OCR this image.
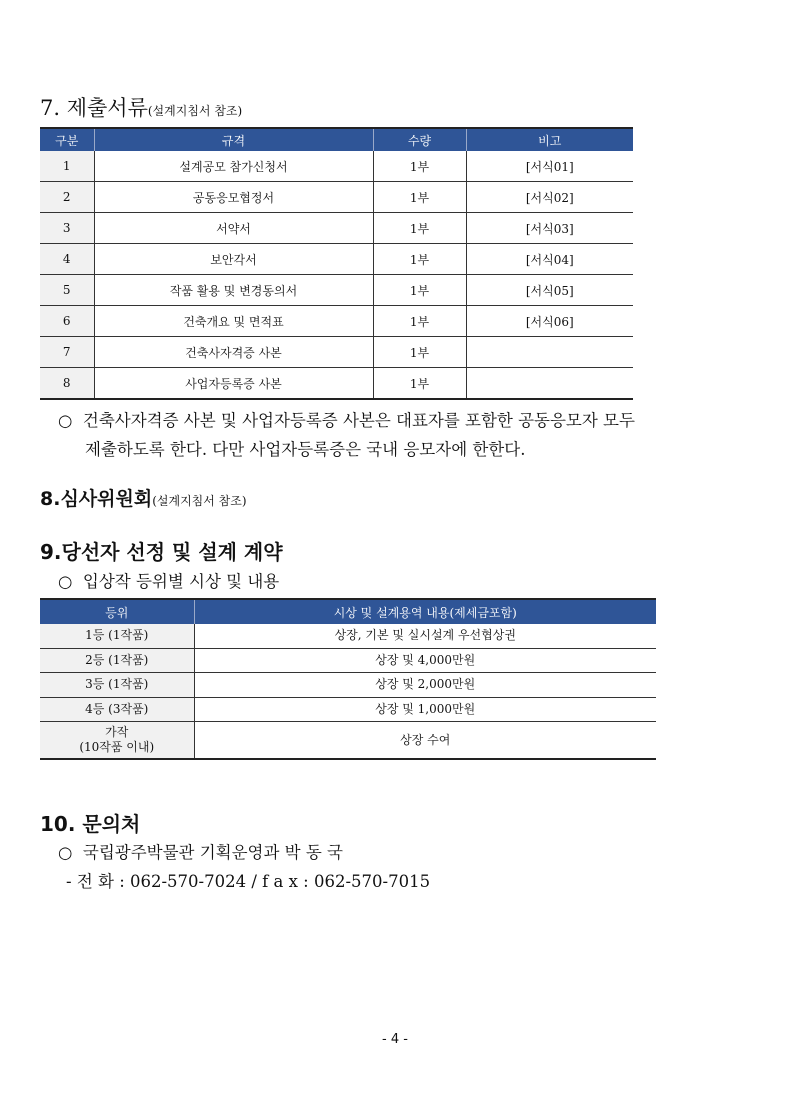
7. 제출서류(설계지침서 참조)
구분	규격	수량	비고
1	설계공모 참가신청서	1부	[서식01]
2	공동응모협정서	1부	[서식02]
3	서약서	1부	[서식03]
4	보안각서	1부	[서식04]
5	작품 활용 및 변경동의서	1부	[서식05]
6	건축개요 및 면적표	1부	[서식06]
7	건축사자격증 사본	1부	
8	사업자등록증 사본	1부	
○ 건축사자격증 사본 및 사업자등록증 사본은 대표자를 포함한 공동응모자 모두
제출하도록 한다. 다만 사업자등록증은 국내 응모자에 한한다.
8.심사위원회(설계지침서 참조)
9.당선자 선정 및 설계 계약
○ 입상작 등위별 시상 및 내용
등위	시상 및 설계용역 내용(제세금포함)
1등 (1작품)	상장, 기본 및 실시설계 우선협상권
2등 (1작품)	상장 및 4,000만원
3등 (1작품)	상장 및 2,000만원
4등 (3작품)	상장 및 1,000만원

가작
(10작품 이내)	상장 수여
10. 문의처
○ 국립광주박물관 기획운영과 박 동 국
- 전 화 : 062-570-7024 / f a x : 062-570-7015
- 4 -
